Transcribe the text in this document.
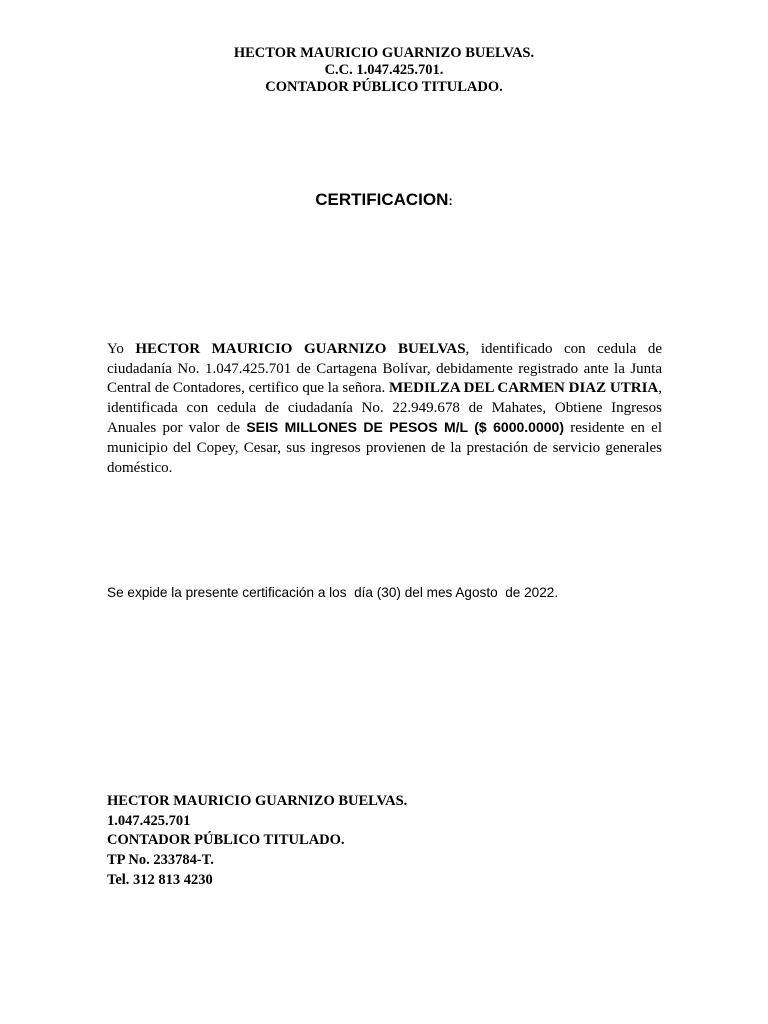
HECTOR MAURICIO GUARNIZO BUELVAS.
C.C. 1.047.425.701.
CONTADOR PÚBLICO TITULADO.
CERTIFICACION:
Yo HECTOR MAURICIO GUARNIZO BUELVAS, identificado con cedula de ciudadanía No. 1.047.425.701 de Cartagena Bolívar, debidamente registrado ante la Junta Central de Contadores, certifico que la señora. MEDILZA DEL CARMEN DIAZ UTRIA, identificada con cedula de ciudadanía No. 22.949.678 de Mahates, Obtiene Ingresos Anuales por valor de SEIS MILLONES DE PESOS M/L ($ 6000.0000) residente en el municipio del Copey, Cesar, sus ingresos provienen de la prestación de servicio generales doméstico.
Se expide la presente certificación a los  día (30) del mes Agosto  de 2022.
HECTOR MAURICIO GUARNIZO BUELVAS.
1.047.425.701
CONTADOR PÚBLICO TITULADO.
TP No. 233784-T.
Tel. 312 813 4230
